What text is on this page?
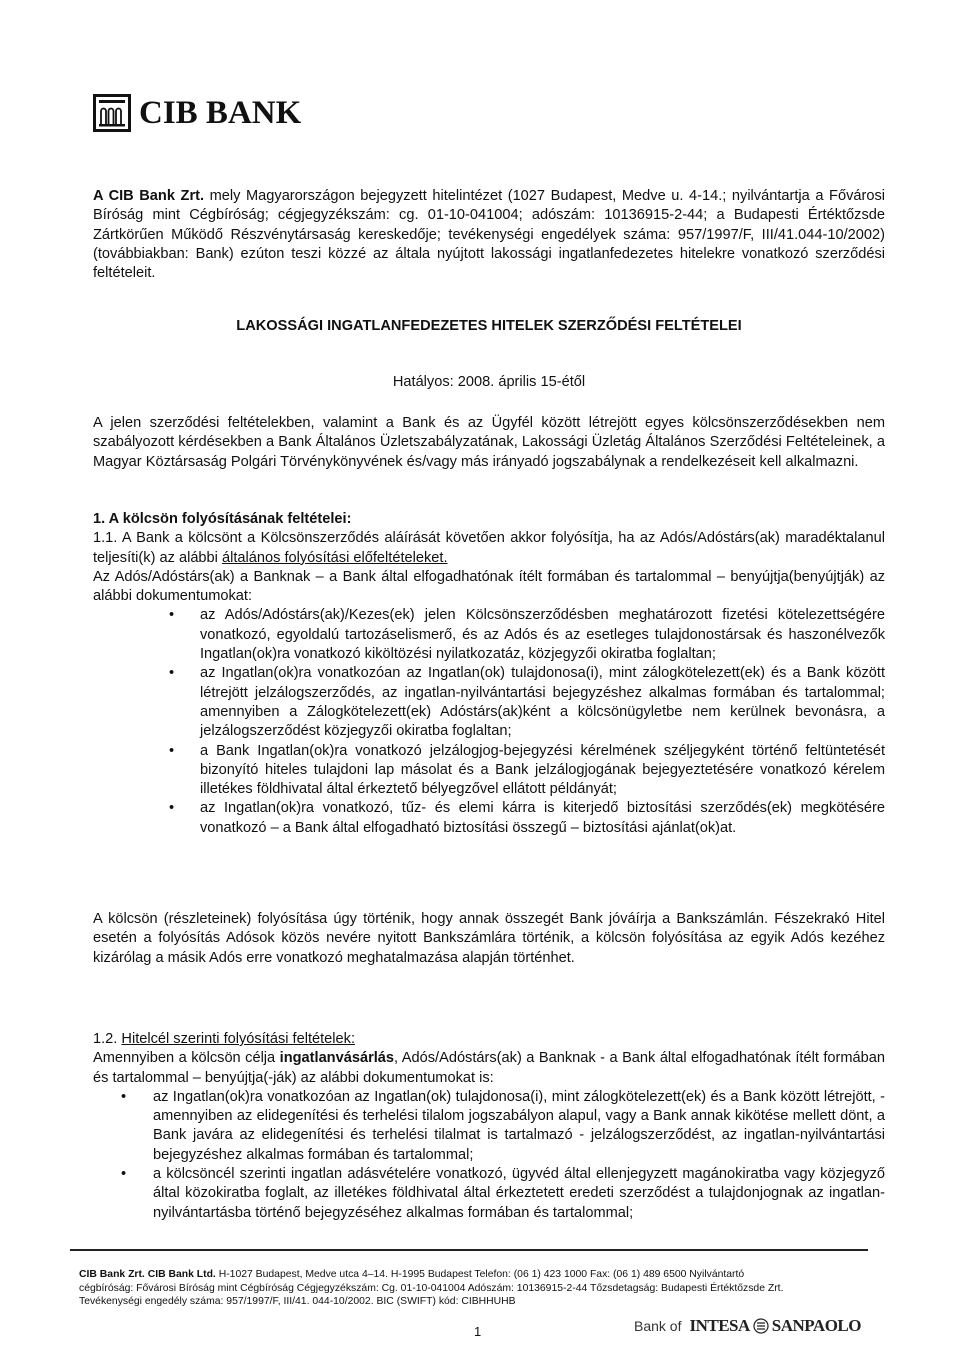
CIB BANK
A CIB Bank Zrt. mely Magyarországon bejegyzett hitelintézet (1027 Budapest, Medve u. 4-14.; nyilvántartja a Fővárosi Bíróság mint Cégbíróság; cégjegyzékszám: cg. 01-10-041004; adószám: 10136915-2-44; a Budapesti Értéktőzsde Zártkörűen Működő Részvénytársaság kereskedője; tevékenységi engedélyek száma: 957/1997/F, III/41.044-10/2002) (továbbiakban: Bank) ezúton teszi közzé az általa nyújtott lakossági ingatlanfedezetes hitelekre vonatkozó szerződési feltételeit.
LAKOSSÁGI INGATLANFEDEZETES HITELEK SZERZŐDÉSI FELTÉTELEI
Hatályos: 2008. április 15-étől
A jelen szerződési feltételekben, valamint a Bank és az Ügyfél között létrejött egyes kölcsönszerződésekben nem szabályozott kérdésekben a Bank Általános Üzletszabályzatának, Lakossági Üzletág Általános Szerződési Feltételeinek, a Magyar Köztársaság Polgári Törvénykönyvének és/vagy más irányadó jogszabálynak a rendelkezéseit kell alkalmazni.

1. A kölcsön folyósításának feltételei:

1.1. A Bank a kölcsönt a Kölcsönszerződés aláírását követően akkor folyósítja, ha az Adós/Adóstárs(ak) maradéktalanul teljesíti(k) az alábbi általános folyósítási előfeltételeket.

Az Adós/Adóstárs(ak) a Banknak – a Bank által elfogadhatónak ítélt formában és tartalommal – benyújtja(benyújtják) az alábbi dokumentumokat:

• az Adós/Adóstárs(ak)/Kezes(ek) jelen Kölcsönszerződésben meghatározott fizetési kötelezettségére vonatkozó, egyoldalú tartozáselismerő, és az Adós és az esetleges tulajdonostársak és haszonélvezők Ingatlan(ok)ra vonatkozó kiköltözési nyilatkozatáz, közjegyzői okiratba foglaltan;
• az Ingatlan(ok)ra vonatkozóan az Ingatlan(ok) tulajdonosa(i), mint zálogkötelezett(ek) és a Bank között létrejött jelzálogszerződés, az ingatlan-nyilvántartási bejegyzéshez alkalmas formában és tartalommal; amennyiben a Zálogkötelezett(ek) Adóstárs(ak)ként a kölcsönügyletbe nem kerülnek bevonásra, a jelzálogszerződést közjegyzői okiratba foglaltan;
• a Bank Ingatlan(ok)ra vonatkozó jelzálogjog-bejegyzési kérelmének széljegyként történő feltüntetését bizonyító hiteles tulajdoni lap másolat és a Bank jelzálogjogának bejegyeztetésére vonatkozó kérelem illetékes földhivatal által érkeztető bélyegzővel ellátott példányát;
• az Ingatlan(ok)ra vonatkozó, tűz- és elemi kárra is kiterjedő biztosítási szerződés(ek) megkötésére vonatkozó – a Bank által elfogadható biztosítási összegű – biztosítási ajánlat(ok)at.
A kölcsön (részleteinek) folyósítása úgy történik, hogy annak összegét Bank jóváírja a Bankszámlán. Fészekrakó Hitel esetén a folyósítás Adósok közös nevére nyitott Bankszámlára történik, a kölcsön folyósítása az egyik Adós kezéhez kizárólag a másik Adós erre vonatkozó meghatalmazása alapján történhet.

1.2. Hitelcél szerinti folyósítási feltételek:

Amennyiben a kölcsön célja ingatlanvásárlás, Adós/Adóstárs(ak) a Banknak - a Bank által elfogadhatónak ítélt formában és tartalommal – benyújtja(-ják) az alábbi dokumentumokat is:

• az Ingatlan(ok)ra vonatkozóan az Ingatlan(ok) tulajdonosa(i), mint zálogkötelezett(ek) és a Bank között létrejött, - amennyiben az elidegenítési és terhelési tilalom jogszabályon alapul, vagy a Bank annak kikötése mellett dönt, a Bank javára az elidegenítési és terhelési tilalmat is tartalmazó - jelzálogszerződést, az ingatlan-nyilvántartási bejegyzéshez alkalmas formában és tartalommal;
• a kölcsöncél szerinti ingatlan adásvételére vonatkozó, ügyvéd által ellenjegyzett magánokiratba vagy közjegyző által közokiratba foglalt, az illetékes földhivatal által érkeztetett eredeti szerződést a tulajdonjognak az ingatlan-nyilvántartásba történő bejegyzéséhez alkalmas formában és tartalommal;
CIB Bank Zrt. CIB Bank Ltd. H-1027 Budapest, Medve utca 4–14. H-1995 Budapest Telefon: (06 1) 423 1000 Fax: (06 1) 489 6500 Nyilvántartó
cégbíróság: Fővárosi Bíróság mint Cégbíróság Cégjegyzékszám: Cg. 01-10-041004 Adószám: 10136915-2-44 Tőzsdetagság: Budapesti Értéktőzsde Zrt.
Tevékenységi engedély száma: 957/1997/F, III/41. 044-10/2002. BIC (SWIFT) kód: CIBHHUHB
1	Bank of INTESA SANPAOLO
